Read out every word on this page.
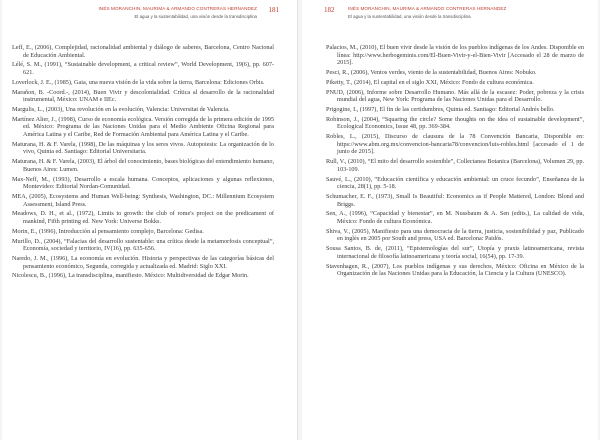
INÉS MORANCHIN, MAURIMA & ARMANDO CONTRERAS HERNANDEZ
El agua y la sustentabilidad, una visión desde la transdisciplina
181

Leff, E., (2006), Complejidad, racionalidad ambiental y diálogo de saberes, Barcelona, Centro Nacional de Educación Ambiental.

Lélé, S. M., (1991), “Sustainable development, a critical review”, World Development, 19(6), pp. 607-621.

Loverlock, J. E., (1985), Gaia, una nueva visión de la vida sobre la tierra, Barcelona: Ediciones Orbis.

Maraňon, B. -Coord.-, (2014), Buen Vivir y descolonialidad. Crítica al desarrollo de la racionalidad instrumental, México: UNAM e IIEc.

Margulis, L., (2003), Una revolución en la evolución, Valencia: Universitat de Valencia.

Martínez Alier, J., (1998), Curso de economía ecológica. Versión corregida de la primera edición de 1995 ed. México: Programa de las Naciones Unidas para el Medio Ambiente Oficina Regional para América Latina y el Caribe, Red de Formación Ambiental para América Latina y el Caribe.

Maturana, H. & F. Varela, (1998), De las máquinas y los seres vivos. Autopoiesis: La organización de lo vivo, Quinta ed. Santiago: Editorial Universitaria.

Maturana, H. & F. Varela, (2003), El árbol del conocimiento, bases biológicas del entendimiento humano, Buenos Aires: Lumen.

Max-Neff, M., (1993), Desarrollo a escala humana. Conceptos, aplicaciones y algunas reflexiones, Montevideo: Editorial Nordan-Comunidad.

MEA, (2005), Ecosystems and Human Well-being: Synthesis, Washington, DC.: Millennium Ecosystem Assessment, Island Press.

Meadows, D. H., et al., (1972), Limits to growth: the club of rome's project on the predicament of mankind, Fifth printing ed. New York: Universe Bokks.

Morin, E., (1996), Introducción al pensamiento complejo, Barcelona: Gedisa.

Murillo, D., (2004), “Falacias del desarrollo sustentable: una crítica desde la metamorfosis conceptual”, Economía, sociedad y territorio, IV(16), pp. 635-656.

Naredo, J. M., (1996), La economía en evolución. Historia y perspectivas de las categorías básicas del pensamiento económico, Segunda, corregida y actualizada ed. Madrid: Siglo XXI.

Nicolescu, B., (1996), La transdisciplina, manifiesto. México: Multidiversidad de Edgar Morin.

182	INÉS MORANCHIN, MAURIMA & ARMANDO CONTRERAS HERNANDEZ
El agua y la sustentabilidad, una visión desde la transdisciplina

Palacios, M., (2010), El buen vivir desde la visión de los pueblos indígenas de los Andes. Disponible en línea: http://www.herbogeminis.com/El-Buen-Vivir-y-el-Bien-Vivir [Accesado el 28 de marzo de 2015].

Pesci, R., (2006), Ventos verdes, viento de la sustentabilidad, Buenos Aires: Nobuko.

Piketty, T., (2014), El capital en el siglo XXI, México: Fondo de cultura económica.

PNUD, (2006), Informe sobre Desarrollo Humano. Más allá de la escasez: Poder, pobreza y la crisis mundial del agua, New York: Programa de las Naciones Unidas para el Desarrollo.

Prigogine, I., (1997), El fin de las certidumbres, Quinta ed. Santiago: Editorial Andrés bello.

Robinson, J., (2004), “Squaring the circle? Some thoughts on the idea of sustainable development”, Ecological Economics, Issue 48, pp. 369-384.

Robles, L., (2015), Discurso de clausura de la 78 Convención Bancaria, Disponible en: https://www.abm.org.mx/convencion-bancaria78/convencion/luis-robles.html [accesado el 1 de junio de 2015].

Rull, V., (2010), “El mito del desarrollo sostenible”, Collectanea Botanica (Barcelona), Volumen 29, pp. 103-109.

Sauvé, L., (2010), “Educación científica y educación ambiental: un cruce fecundo”, Enseñanza de la ciencia, 28(1), pp. 5-18.

Schumacher, E. F., (1973), Small Is Beautiful: Economics as if People Mattered, London: Blond and Briggs.

Sen, A., (1996), “Capacidad y bienestar”, en M. Nussbaum & A. Sen (edits.), La calidad de vida, México: Fondo de cultura Económica.

Shiva, V., (2005), Manifiesto para una democracia de la tierra, justicia, sostenibilidad y paz, Publicado en inglés en 2005 por South and press, USA ed. Barcelona: Paidós.

Sousa Santos, B. de, (2011), “Epistemologías del sur”, Utopía y praxis latinoamericana, revista internacional de filosofía latinoamericana y teoría social, 16(54), pp. 17-39.

Stavenhagen, R., (2007), Los pueblos indígenas y sus derechos, México: Oficina en México de la Organización de las Naciones Unidas para la Educación, la Ciencia y la Cultura (UNESCO).
